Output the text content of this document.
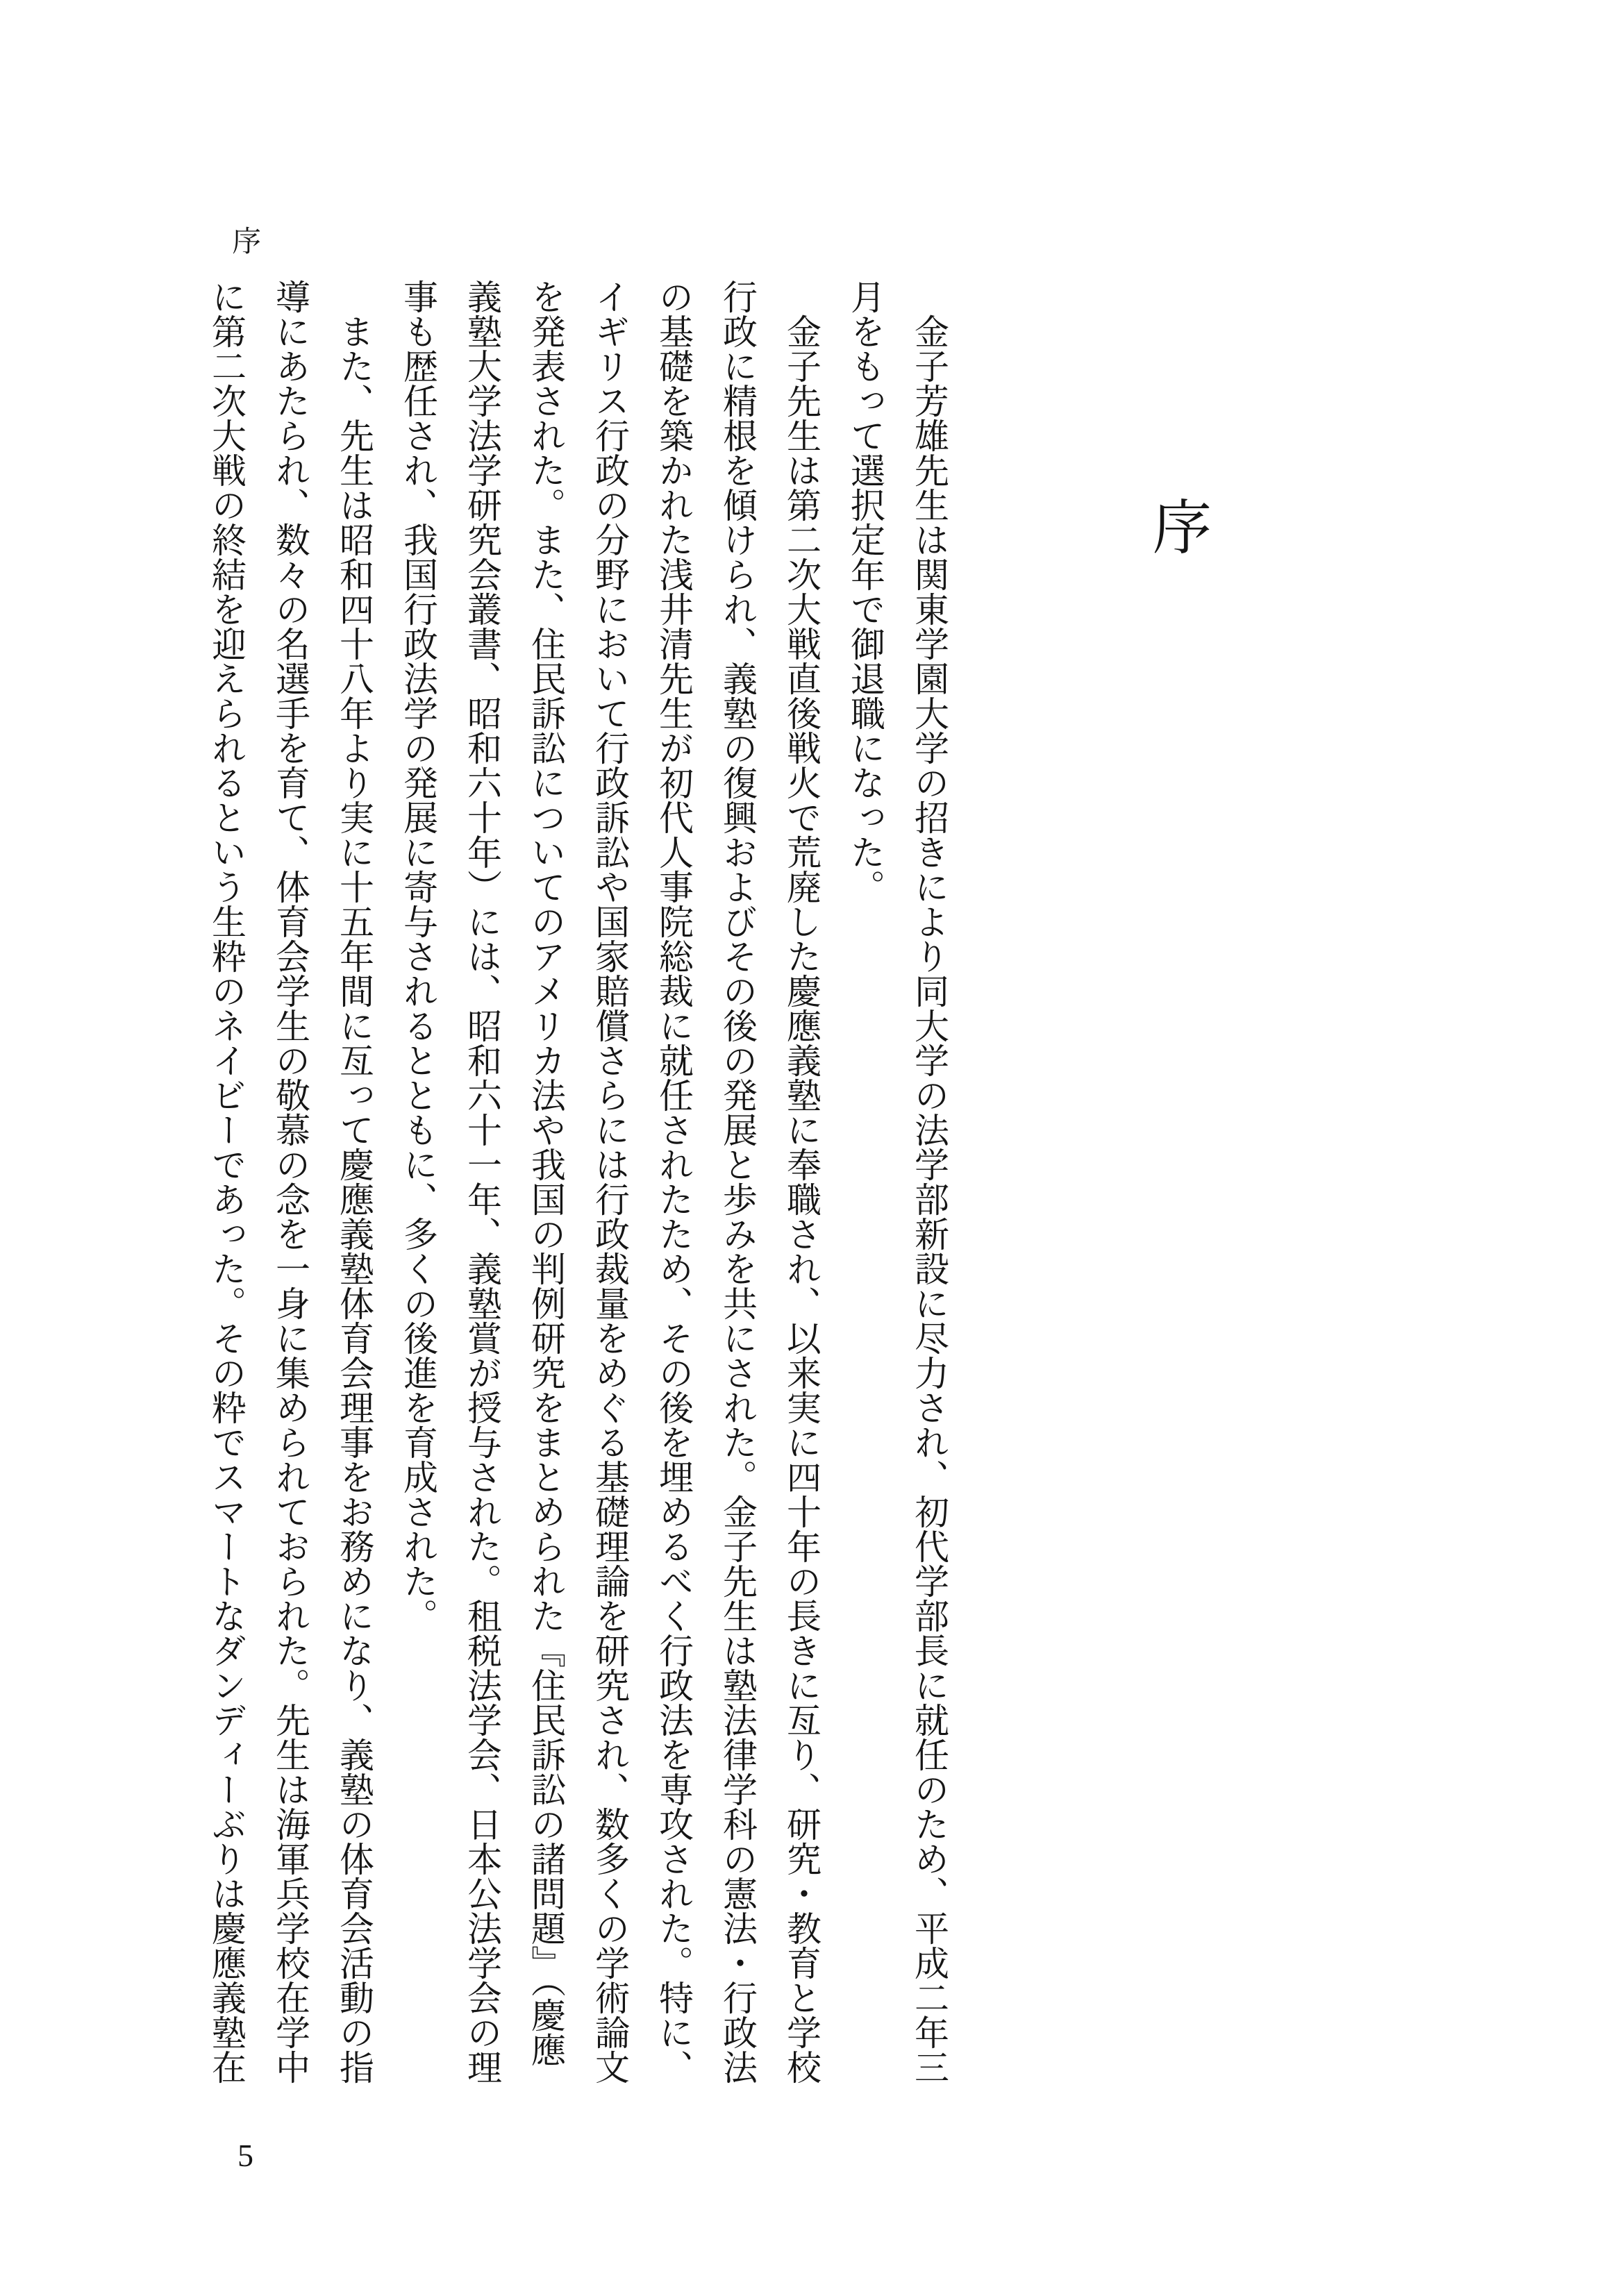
序
序
金子芳雄先生は関東学園大学の招きにより同大学の法学部新設に尽力され、初代学部長に就任のため、平成二年三
月をもって選択定年で御退職になった。
金子先生は第二次大戦直後戦火で荒廃した慶應義塾に奉職され、以来実に四十年の長きに亙り、研究・教育と学校
行政に精根を傾けられ、義塾の復興およびその後の発展と歩みを共にされた。金子先生は塾法律学科の憲法・行政法
の基礎を築かれた浅井清先生が初代人事院総裁に就任されたため、その後を埋めるべく行政法を専攻された。特に、
イギリス行政の分野において行政訴訟や国家賠償さらには行政裁量をめぐる基礎理論を研究され、数多くの学術論文
を発表された。また、住民訴訟についてのアメリカ法や我国の判例研究をまとめられた『住民訴訟の諸問題』（慶應
義塾大学法学研究会叢書、昭和六十年）には、昭和六十一年、義塾賞が授与された。租税法学会、日本公法学会の理
事も歴任され、我国行政法学の発展に寄与されるとともに、多くの後進を育成された。
また、先生は昭和四十八年より実に十五年間に亙って慶應義塾体育会理事をお務めになり、義塾の体育会活動の指
導にあたられ、数々の名選手を育て、体育会学生の敬慕の念を一身に集められておられた。先生は海軍兵学校在学中
に第二次大戦の終結を迎えられるという生粋のネイビーであった。その粋でスマートなダンディーぶりは慶應義塾在
5
